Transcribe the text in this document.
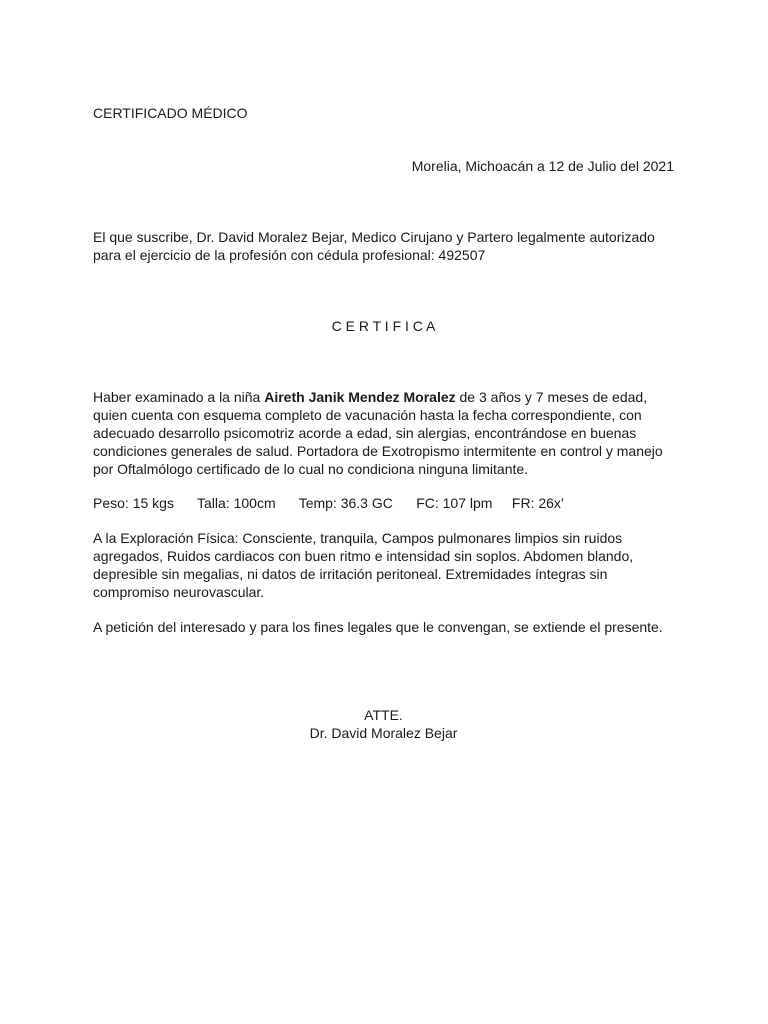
CERTIFICADO MÉDICO
Morelia, Michoacán a 12 de Julio del 2021
El que suscribe, Dr. David Moralez Bejar, Medico Cirujano y Partero legalmente autorizado para el ejercicio de la profesión con cédula profesional: 492507
C E R T I F I C A
Haber examinado a la niña Aireth Janik Mendez Moralez de 3 años y 7 meses de edad, quien cuenta con esquema completo de vacunación hasta la fecha correspondiente, con adecuado desarrollo psicomotriz acorde a edad, sin alergias, encontrándose en buenas condiciones generales de salud. Portadora de Exotropismo intermitente en control y manejo por Oftalmólogo certificado de lo cual no condiciona ninguna limitante.
Peso: 15 kgs      Talla: 100cm      Temp: 36.3 GC      FC: 107 lpm     FR: 26x’
A la Exploración Física: Consciente, tranquila, Campos pulmonares limpios sin ruidos agregados, Ruidos cardiacos con buen ritmo e intensidad sin soplos. Abdomen blando, depresible sin megalias, ni datos de irritación peritoneal. Extremidades íntegras sin compromiso neurovascular.
A petición del interesado y para los fines legales que le convengan, se extiende el presente.
ATTE.
Dr. David Moralez Bejar
